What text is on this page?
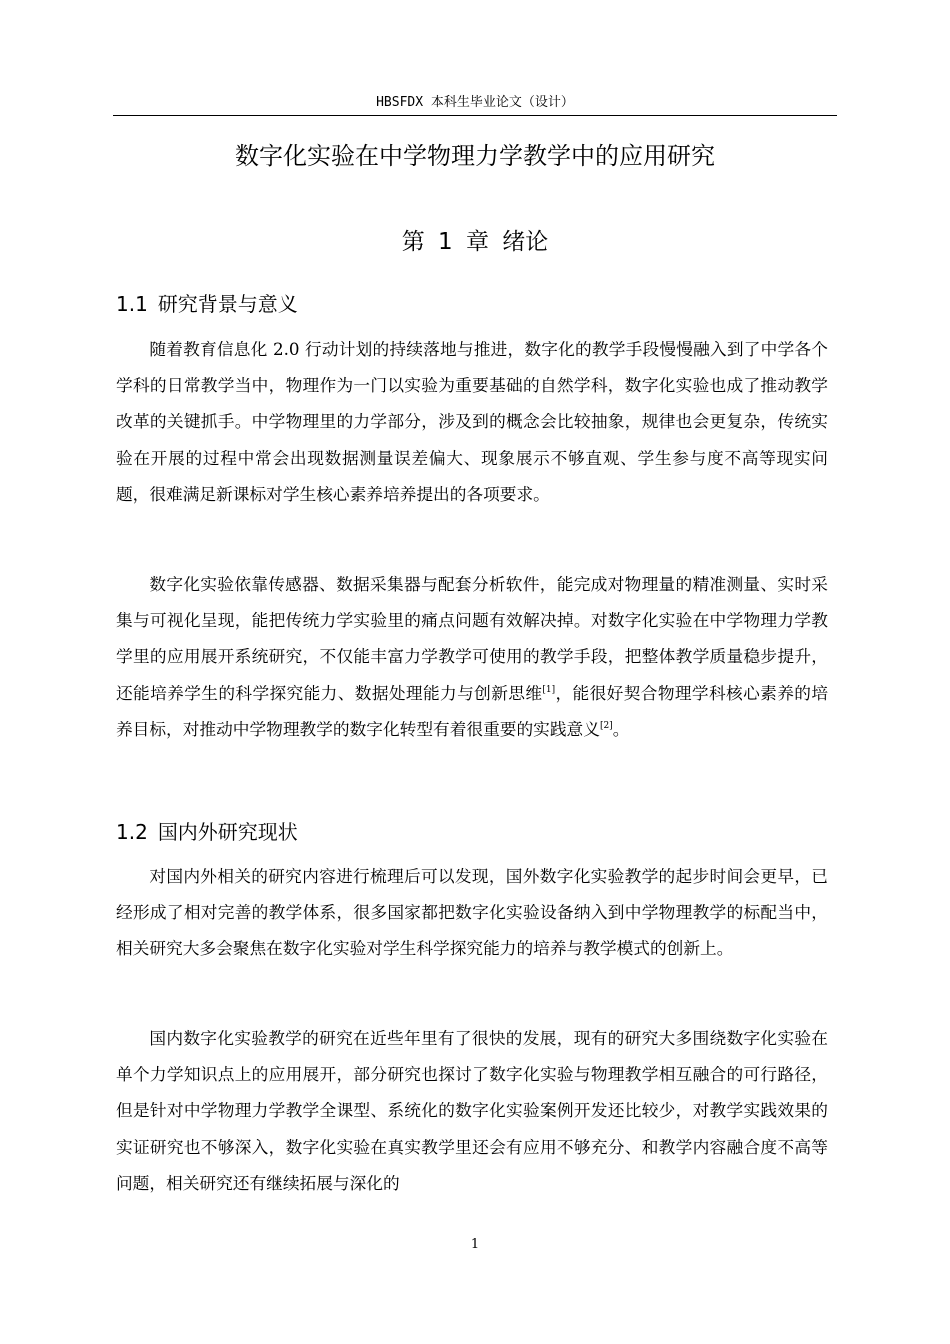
HBSFDX 本科生毕业论文（设计）
数字化实验在中学物理力学教学中的应用研究
第 1 章 绪论
1.1 研究背景与意义

随着教育信息化 2.0 行动计划的持续落地与推进，数字化的教学手段慢慢融入到了中学各个学科的日常教学当中，物理作为一门以实验为重要基础的自然学科，数字化实验也成了推动教学改革的关键抓手。中学物理里的力学部分，涉及到的概念会比较抽象，规律也会更复杂，传统实验在开展的过程中常会出现数据测量误差偏大、现象展示不够直观、学生参与度不高等现实问题，很难满足新课标对学生核心素养培养提出的各项要求。

数字化实验依靠传感器、数据采集器与配套分析软件，能完成对物理量的精准测量、实时采集与可视化呈现，能把传统力学实验里的痛点问题有效解决掉。对数字化实验在中学物理力学教学里的应用展开系统研究，不仅能丰富力学教学可使用的教学手段，把整体教学质量稳步提升，还能培养学生的科学探究能力、数据处理能力与创新思维[1]，能很好契合物理学科核心素养的培养目标，对推动中学物理教学的数字化转型有着很重要的实践意义[2]。

1.2 国内外研究现状

对国内外相关的研究内容进行梳理后可以发现，国外数字化实验教学的起步时间会更早，已经形成了相对完善的教学体系，很多国家都把数字化实验设备纳入到中学物理教学的标配当中，相关研究大多会聚焦在数字化实验对学生科学探究能力的培养与教学模式的创新上。

国内数字化实验教学的研究在近些年里有了很快的发展，现有的研究大多围绕数字化实验在单个力学知识点上的应用展开，部分研究也探讨了数字化实验与物理教学相互融合的可行路径，但是针对中学物理力学教学全课型、系统化的数字化实验案例开发还比较少，对教学实践效果的实证研究也不够深入，数字化实验在真实教学里还会有应用不够充分、和教学内容融合度不高等问题，相关研究还有继续拓展与深化的

1
